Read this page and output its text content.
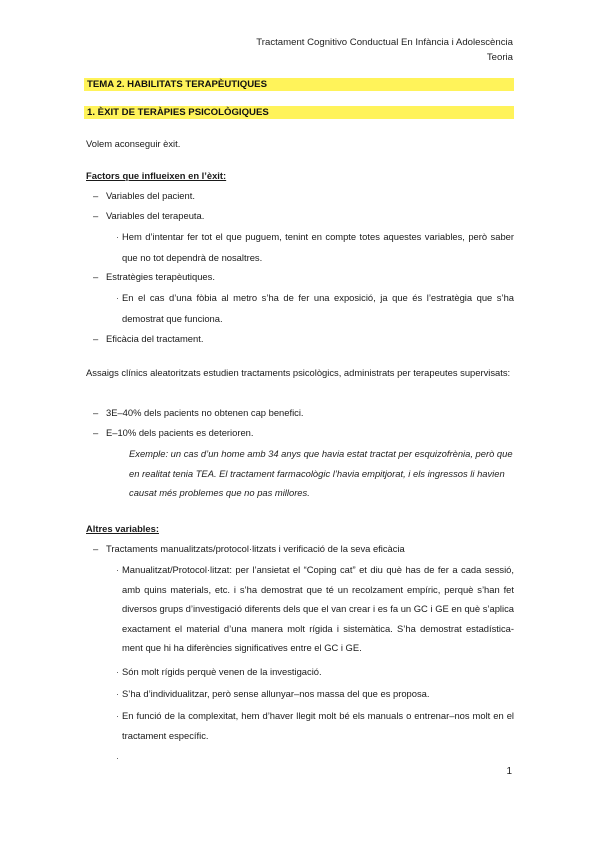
Tractament Cognitivo Conductual En Infància i Adolescència
Teoria
TEMA 2. HABILITATS TERAPÈUTIQUES
1. ÈXIT DE TERÀPIES PSICOLÒGIQUES
Volem aconseguir èxit.
Factors que influeixen en l’èxit:
– Variables del pacient.
– Variables del terapeuta.
· Hem d’intentar fer tot el que puguem, tenint en compte totes aquestes variables, però saber que no tot dependrà de nosaltres.
– Estratègies terapèutiques.
· En el cas d’una fòbia al metro s’ha de fer una exposició, ja que és l’estratègia que s’ha demostrat que funciona.
– Eficàcia del tractament.
Assaigs clínics aleatoritzats estudien tractaments psicològics, administrats per terapeutes supervisats:
– 3E–40% dels pacients no obtenen cap benefici.
– E–10% dels pacients es deterioren.
Exemple: un cas d’un home amb 34 anys que havia estat tractat per esquizofrènia, però que en realitat tenia TEA. El tractament farmacològic l’havia empitjorat, i els ingressos li havien causat més problemes que no pas millores.
Altres variables:
– Tractaments manualitzats/protocol·litzats i verificació de la seva eficàcia
· Manualitzat/Protocol·litzat: per l’ansietat el “Coping cat” et diu què has de fer a cada sessió, amb quins materials, etc. i s’ha demostrat que té un recolzament empíric, perquè s’han fet diversos grups d’investigació diferents dels que el van crear i es fa un GC i GE en què s’aplica exactament el material d’una manera molt rígida i sistemàtica. S’ha demostrat estadística- ment que hi ha diferències significatives entre el GC i GE.
· Són molt rígids perquè venen de la investigació.
· S’ha d’individualitzar, però sense allunyar–nos massa del que es proposa.
· En funció de la complexitat, hem d’haver llegit molt bé els manuals o entrenar–nos molt en el tractament específic.
·
1
